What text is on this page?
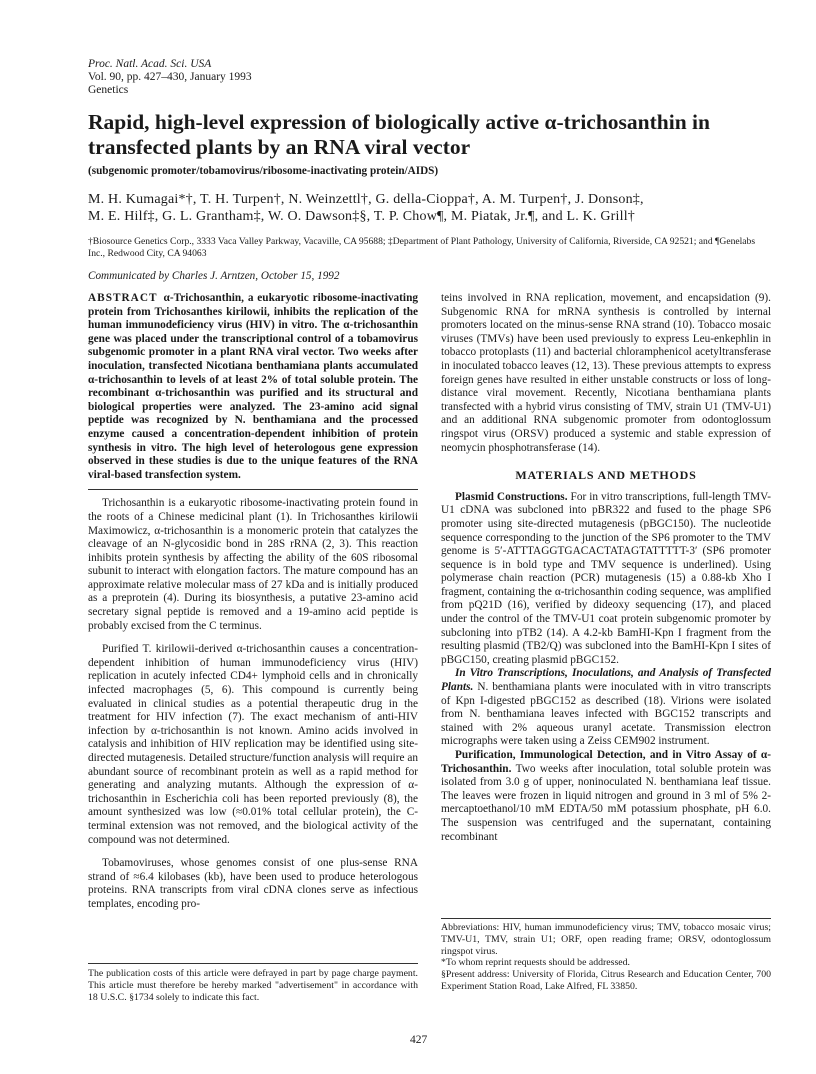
Proc. Natl. Acad. Sci. USA
Vol. 90, pp. 427–430, January 1993
Genetics
Rapid, high-level expression of biologically active α-trichosanthin in transfected plants by an RNA viral vector
(subgenomic promoter/tobamovirus/ribosome-inactivating protein/AIDS)
M. H. Kumagai*†, T. H. Turpen†, N. Weinzettl†, G. della-Cioppa†, A. M. Turpen†, J. Donson‡,
M. E. Hilf‡, G. L. Grantham‡, W. O. Dawson‡§, T. P. Chow¶, M. Piatak, Jr.¶, and L. K. Grill†
†Biosource Genetics Corp., 3333 Vaca Valley Parkway, Vacaville, CA 95688; ‡Department of Plant Pathology, University of California, Riverside, CA 92521; and ¶Genelabs Inc., Redwood City, CA 94063
Communicated by Charles J. Arntzen, October 15, 1992
ABSTRACT α-Trichosanthin, a eukaryotic ribosome-inactivating protein from Trichosanthes kirilowii, inhibits the replication of the human immunodeficiency virus (HIV) in vitro. The α-trichosanthin gene was placed under the transcriptional control of a tobamovirus subgenomic promoter in a plant RNA viral vector. Two weeks after inoculation, transfected Nicotiana benthamiana plants accumulated α-trichosanthin to levels of at least 2% of total soluble protein. The recombinant α-trichosanthin was purified and its structural and biological properties were analyzed. The 23-amino acid signal peptide was recognized by N. benthamiana and the processed enzyme caused a concentration-dependent inhibition of protein synthesis in vitro. The high level of heterologous gene expression observed in these studies is due to the unique features of the RNA viral-based transfection system.

Trichosanthin is a eukaryotic ribosome-inactivating protein found in the roots of a Chinese medicinal plant (1). In Trichosanthes kirilowii Maximowicz, α-trichosanthin is a monomeric protein that catalyzes the cleavage of an N-glycosidic bond in 28S rRNA (2, 3). This reaction inhibits protein synthesis by affecting the ability of the 60S ribosomal subunit to interact with elongation factors. The mature compound has an approximate relative molecular mass of 27 kDa and is initially produced as a preprotein (4). During its biosynthesis, a putative 23-amino acid secretary signal peptide is removed and a 19-amino acid peptide is probably excised from the C terminus.

Purified T. kirilowii-derived α-trichosanthin causes a concentration-dependent inhibition of human immunodeficiency virus (HIV) replication in acutely infected CD4+ lymphoid cells and in chronically infected macrophages (5, 6). This compound is currently being evaluated in clinical studies as a potential therapeutic drug in the treatment for HIV infection (7). The exact mechanism of anti-HIV infection by α-trichosanthin is not known. Amino acids involved in catalysis and inhibition of HIV replication may be identified using site-directed mutagenesis. Detailed structure/function analysis will require an abundant source of recombinant protein as well as a rapid method for generating and analyzing mutants. Although the expression of α-trichosanthin in Escherichia coli has been reported previously (8), the amount synthesized was low (≈0.01% total cellular protein), the C-terminal extension was not removed, and the biological activity of the compound was not determined.

Tobamoviruses, whose genomes consist of one plus-sense RNA strand of ≈6.4 kilobases (kb), have been used to produce heterologous proteins. RNA transcripts from viral cDNA clones serve as infectious templates, encoding pro-

teins involved in RNA replication, movement, and encapsidation (9). Subgenomic RNA for mRNA synthesis is controlled by internal promoters located on the minus-sense RNA strand (10). Tobacco mosaic viruses (TMVs) have been used previously to express Leu-enkephlin in tobacco protoplasts (11) and bacterial chloramphenicol acetyltransferase in inoculated tobacco leaves (12, 13). These previous attempts to express foreign genes have resulted in either unstable constructs or loss of long-distance viral movement. Recently, Nicotiana benthamiana plants transfected with a hybrid virus consisting of TMV, strain U1 (TMV-U1) and an additional RNA subgenomic promoter from odontoglossum ringspot virus (ORSV) produced a systemic and stable expression of neomycin phosphotransferase (14).

MATERIALS AND METHODS

Plasmid Constructions. For in vitro transcriptions, full-length TMV-U1 cDNA was subcloned into pBR322 and fused to the phage SP6 promoter using site-directed mutagenesis (pBGC150). The nucleotide sequence corresponding to the junction of the SP6 promoter to the TMV genome is 5′-ATTTAGGTGACACTATAGTATTTTT-3′ (SP6 promoter sequence is in bold type and TMV sequence is underlined). Using polymerase chain reaction (PCR) mutagenesis (15) a 0.88-kb Xho I fragment, containing the α-trichosanthin coding sequence, was amplified from pQ21D (16), verified by dideoxy sequencing (17), and placed under the control of the TMV-U1 coat protein subgenomic promoter by subcloning into pTB2 (14). A 4.2-kb BamHI-Kpn I fragment from the resulting plasmid (TB2/Q) was subcloned into the BamHI-Kpn I sites of pBGC150, creating plasmid pBGC152.

In Vitro Transcriptions, Inoculations, and Analysis of Transfected Plants. N. benthamiana plants were inoculated with in vitro transcripts of Kpn I-digested pBGC152 as described (18). Virions were isolated from N. benthamiana leaves infected with BGC152 transcripts and stained with 2% aqueous uranyl acetate. Transmission electron micrographs were taken using a Zeiss CEM902 instrument.

Purification, Immunological Detection, and in Vitro Assay of α-Trichosanthin. Two weeks after inoculation, total soluble protein was isolated from 3.0 g of upper, noninoculated N. benthamiana leaf tissue. The leaves were frozen in liquid nitrogen and ground in 3 ml of 5% 2-mercaptoethanol/10 mM EDTA/50 mM potassium phosphate, pH 6.0. The suspension was centrifuged and the supernatant, containing recombinant

Abbreviations: HIV, human immunodeficiency virus; TMV, tobacco mosaic virus; TMV-U1, TMV, strain U1; ORF, open reading frame; ORSV, odontoglossum ringspot virus.
*To whom reprint requests should be addressed.
§Present address: University of Florida, Citrus Research and Education Center, 700 Experiment Station Road, Lake Alfred, FL 33850.
The publication costs of this article were defrayed in part by page charge payment. This article must therefore be hereby marked "advertisement" in accordance with 18 U.S.C. §1734 solely to indicate this fact.
427
